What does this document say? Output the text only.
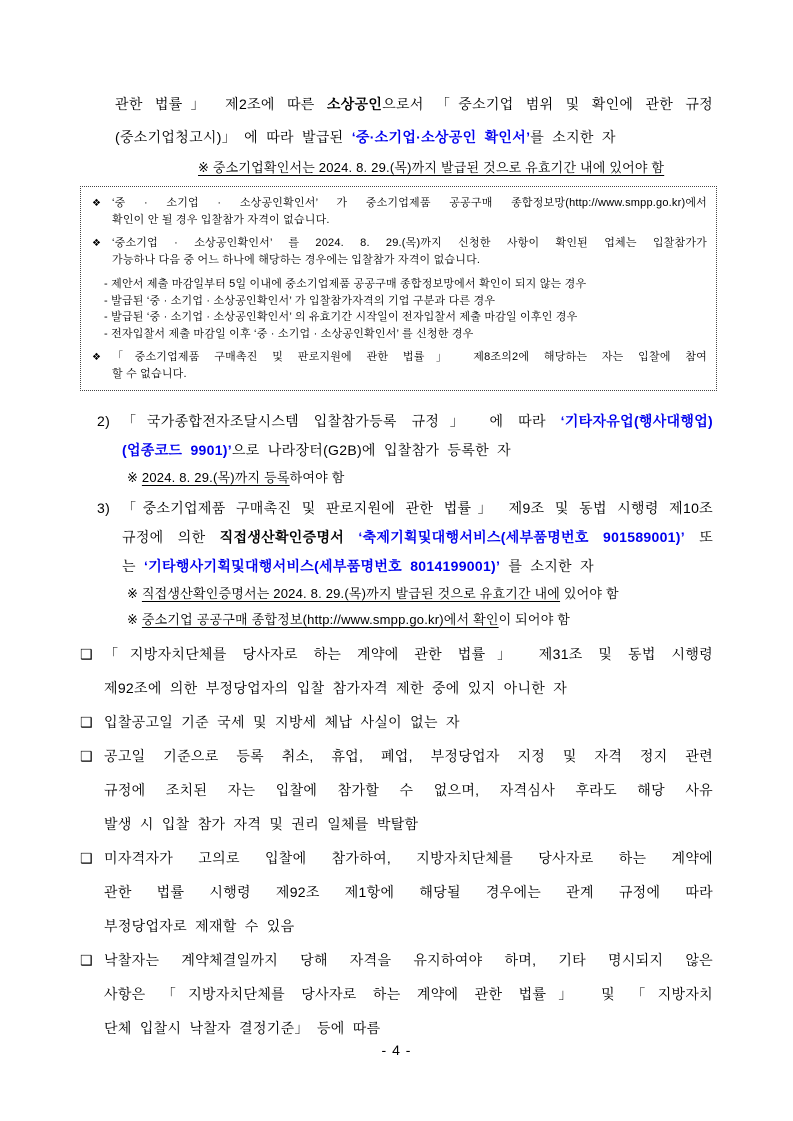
관한 법률」 제2조에 따른 소상공인으로서 「중소기업 범위 및 확인에 관한 규정
(중소기업청고시)」 에 따라 발급된 ‘중·소기업·소상공인 확인서’를 소지한 자
※ 중소기업확인서는 2024. 8. 29.(목)까지 발급된 것으로 유효기간 내에 있어야 함
❖ ‘중 · 소기업 · 소상공인확인서’ 가 중소기업제품 공공구매 종합정보망(http://www.smpp.go.kr)에서
확인이 안 될 경우 입찰참가 자격이 없습니다.
❖ ‘중소기업 · 소상공인확인서’ 를 2024. 8. 29.(목)까지 신청한 사항이 확인된 업체는 입찰참가가
가능하나 다음 중 어느 하나에 해당하는 경우에는 입찰참가 자격이 없습니다.
- 제안서 제출 마감일부터 5일 이내에 중소기업제품 공공구매 종합정보망에서 확인이 되지 않는 경우
- 발급된 ‘중 · 소기업 · 소상공인확인서’ 가 입찰참가자격의 기업 구분과 다른 경우
- 발급된 ‘중 · 소기업 · 소상공인확인서’ 의 유효기간 시작일이 전자입찰서 제출 마감일 이후인 경우
- 전자입찰서 제출 마감일 이후 ‘중 · 소기업 · 소상공인확인서’ 를 신청한 경우
❖ 「중소기업제품 구매촉진 및 판로지원에 관한 법률」 제8조의2에 해당하는 자는 입찰에 참여
할 수 없습니다.
2) 「국가종합전자조달시스템 입찰참가등록 규정」 에 따라 ‘기타자유업(행사대행업)
(업종코드 9901)’으로 나라장터(G2B)에 입찰참가 등록한 자
※ 2024. 8. 29.(목)까지 등록하여야 함
3) 「중소기업제품 구매촉진 및 판로지원에 관한 법률」 제9조 및 동법 시행령 제10조
규정에 의한 직접생산확인증명서 ‘축제기획및대행서비스(세부품명번호 901589001)’ 또
는 ‘기타행사기획및대행서비스(세부품명번호 8014199001)’ 를 소지한 자
※ 직접생산확인증명서는 2024. 8. 29.(목)까지 발급된 것으로 유효기간 내에 있어야 함
※ 중소기업 공공구매 종합정보(http://www.smpp.go.kr)에서 확인이 되어야 함
❑ 「지방자치단체를 당사자로 하는 계약에 관한 법률」 제31조 및 동법 시행령
제92조에 의한 부정당업자의 입찰 참가자격 제한 중에 있지 아니한 자
❑ 입찰공고일 기준 국세 및 지방세 체납 사실이 없는 자
❑ 공고일 기준으로 등록 취소, 휴업, 폐업, 부정당업자 지정 및 자격 정지 관련
규정에 조치된 자는 입찰에 참가할 수 없으며, 자격심사 후라도 해당 사유
발생 시 입찰 참가 자격 및 권리 일체를 박탈함
❑ 미자격자가 고의로 입찰에 참가하여, 지방자치단체를 당사자로 하는 계약에
관한 법률 시행령 제92조 제1항에 해당될 경우에는 관계 규정에 따라
부정당업자로 제재할 수 있음
❑ 낙찰자는 계약체결일까지 당해 자격을 유지하여야 하며, 기타 명시되지 않은
사항은 「지방자치단체를 당사자로 하는 계약에 관한 법률」 및 「지방자치
단체 입찰시 낙찰자 결정기준」 등에 따름
- 4 -
